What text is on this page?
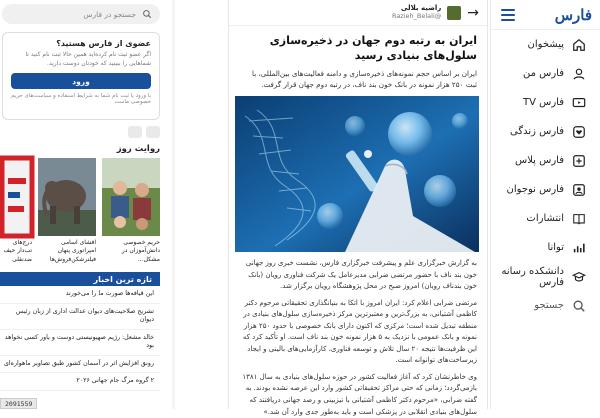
فارس
پیشخوان
فارس من
فارس TV
فارس زندگی
فارس پلاس
فارس نوجوان
انتشارات
توانا
دانشکده رسانه فارس
جستجو
→
راضیه بلالی
@Razieh_Belali
ایران به رتبه دوم جهان در ذخیره‌سازی سلول‌های بنیادی رسید

ایران بر اساس حجم نمونه‌های ذخیره‌سازی و دامنه فعالیت‌های بین‌المللی، با ثبت ۲۵۰ هزار نمونه در بانک خون بند ناف، در رتبه دوم جهان قرار گرفت.

به گزارش خبرگزاری علم و پیشرفت خبرگزاری فارس، نشست خبری روز جهانی خون بند ناف با حضور مرتضی ضرابی مدیرعامل یک شرکت فناوری رویان (بانک خون بندناف رویان) امروز صبح در محل پژوهشگاه رویان برگزار شد.

مرتضی ضرابی اعلام کرد: ایران امروز با اتکا به بنیانگذاری تحقیقاتی مرحوم دکتر کاظمی آشتیانی، به بزرگ‌ترین و معتبرترین مرکز ذخیره‌سازی سلول‌های بنیادی در منطقه تبدیل شده است؛ مرکزی که اکنون دارای بانک خصوصی با حدود ۲۵۰ هزار نمونه و بانک عمومی با نزدیک به ۵ هزار نمونه خون بند ناف است. او تأکید کرد که این ظرفیت‌ها نتیجه ۲۰ سال تلاش و توسعه فناوری، کارآزمایی‌های بالینی و ایجاد زیرساخت‌های توانوانه است.

وی خاطرنشان کرد که آغاز فعالیت کشور در حوزه سلول‌های بنیادی به سال ۱۳۸۱ بازمی‌گردد؛ زمانی که حتی مراکز تحقیقاتی کشور وارد این عرصه نشده بودند. به گفته ضرابی، «مرحوم دکتر کاظمی آشتیانی با تیزبینی و رصد جهانی دریافتند که سلول‌های بنیادی انقلابی در پزشکی است و باید به‌طور جدی وارد آن شد.»

جستجو در فارس
عضوی از فارس هستید؟
اگر عضو ثبت نام کرده‌اید همین حالا ثبت نام کنید تا شماهایی را ببینید که خودتان دوست دارید.
ورود
با ورود یا ثبت نام شما به شرایط استفاده و سیاست‌های حریم خصوصی ماست
روایت روز
حریم خصوصی دانش‌آموزان در مشکل...
افشای اسامی امپراتوری پنهان فیلترشکن‌فروش‌ها
درج‌های تب‌دار حیف ضدنقلی
تازه ترین اخبار
این قیافه‌ها صورت ما را می‌خورند
تشریح صلاحیت‌های دیوان عدالت اداری از زبان رئیس دیوان
خالد مشعل: رژیم صهیونیستی دوست و یاور کسی نخواهد بود
رونق افزایش اثر در آسمان کشور طبق تصاویر ماهواره‌ای
۲ گروه مرگ جام جهانی ۲۰۲۶
2091559
